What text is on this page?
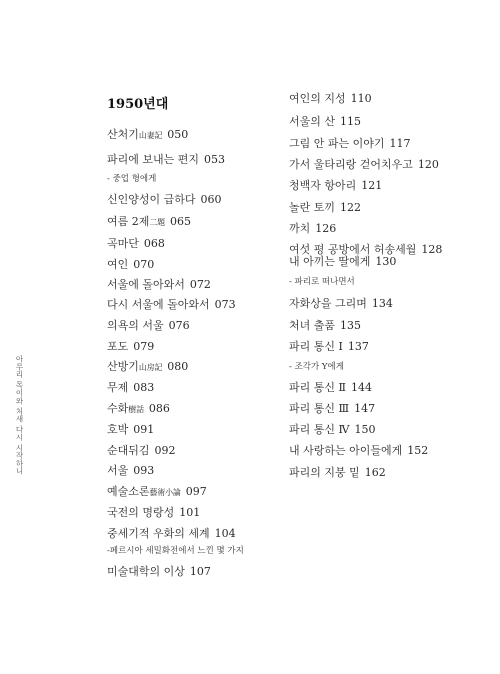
아무리 목이와 처새 다시 시작하니
1950년대
산처기山妻記 050
파리에 보내는 편지 053
- 중업 형에게
신인양성이 급하다 060
여름 2제二題 065
곡마단 068
여인 070
서울에 돌아와서 072
다시 서울에 돌아와서 073
의욕의 서울 076
포도 079
산방기山房記 080
무제 083
수화樹話 086
호박 091
순대뒤김 092
서울 093
예술소론藝術小論 097
국전의 명랑성 101
중세기적 우화의 세계 104
-페르시아 세밀화전에서 느낀 몇 가지
미술대학의 이상 107
여인의 지성 110
서울의 산 115
그림 안 파는 이야기 117
가서 울타리랑 걷어치우고 120
청백자 항아리 121
놀란 토끼 122
까치 126
여섯 평 공방에서 허송세월 128
내 아끼는 딸에게 130
- 파리로 떠나면서
자화상을 그리며 134
처녀 출품 135
파리 통신 Ⅰ 137
- 조각가 Y에게
파리 통신 Ⅱ 144
파리 통신 Ⅲ 147
파리 통신 Ⅳ 150
내 사랑하는 아이들에게 152
파리의 지붕 밑 162
